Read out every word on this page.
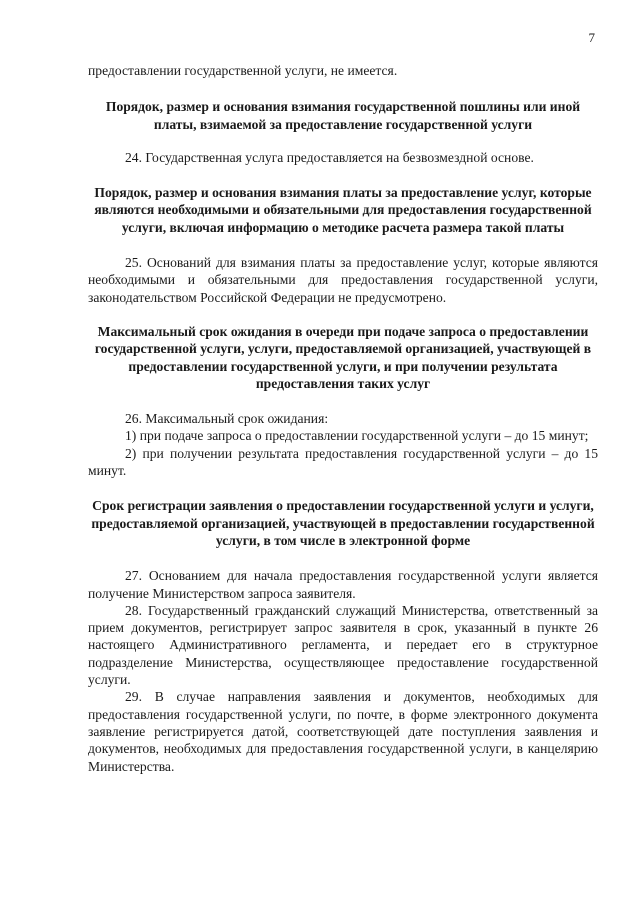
7

предоставлении государственной услуги, не имеется.

Порядок, размер и основания взимания государственной пошлины или иной платы, взимаемой за предоставление государственной услуги

24. Государственная услуга предоставляется на безвозмездной основе.

Порядок, размер и основания взимания платы за предоставление услуг, которые являются необходимыми и обязательными для предоставления государственной услуги, включая информацию о методике расчета размера такой платы

25. Оснований для взимания платы за предоставление услуг, которые являются необходимыми и обязательными для предоставления государственной услуги, законодательством Российской Федерации не предусмотрено.

Максимальный срок ожидания в очереди при подаче запроса о предоставлении государственной услуги, услуги, предоставляемой организацией, участвующей в предоставлении государственной услуги, и при получении результата предоставления таких услуг

26. Максимальный срок ожидания:

1) при подаче запроса о предоставлении государственной услуги – до 15 минут;

2) при получении результата предоставления государственной услуги – до 15 минут.

Срок регистрации заявления о предоставлении государственной услуги и услуги, предоставляемой организацией, участвующей в предоставлении государственной услуги, в том числе в электронной форме

27. Основанием для начала предоставления государственной услуги является получение Министерством запроса заявителя.

28. Государственный гражданский служащий Министерства, ответственный за прием документов, регистрирует запрос заявителя в срок, указанный в пункте 26 настоящего Административного регламента, и передает его в структурное подразделение Министерства, осуществляющее предоставление государственной услуги.

29. В случае направления заявления и документов, необходимых для предоставления государственной услуги, по почте, в форме электронного документа заявление регистрируется датой, соответствующей дате поступления заявления и документов, необходимых для предоставления государственной услуги, в канцелярию Министерства.
